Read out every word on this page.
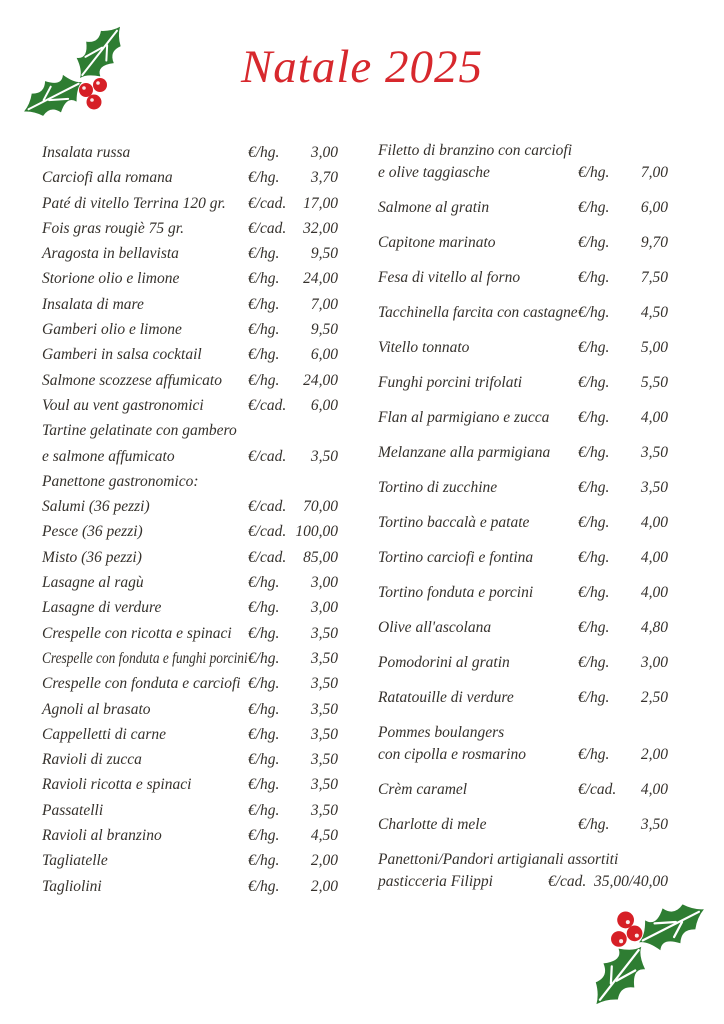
Natale 2025
Insalata russa	€/hg.	3,00
Carciofi alla romana	€/hg.	3,70
Paté di vitello Terrina 120 gr.	€/cad.	17,00
Fois gras rougiè 75 gr.	€/cad.	32,00
Aragosta in bellavista	€/hg.	9,50
Storione olio e limone	€/hg.	24,00
Insalata di mare	€/hg.	7,00
Gamberi olio e limone	€/hg.	9,50
Gamberi in salsa cocktail	€/hg.	6,00
Salmone scozzese affumicato	€/hg.	24,00
Voul au vent gastronomici	€/cad.	6,00
Tartine gelatinate con gambero
e salmone affumicato	€/cad.	3,50
Panettone gastronomico:
Salumi (36 pezzi)	€/cad.	70,00
Pesce (36 pezzi)	€/cad. 100,00
Misto (36 pezzi)	€/cad.	85,00
Lasagne al ragù	€/hg.	3,00
Lasagne di verdure	€/hg.	3,00
Crespelle con ricotta e spinaci	€/hg.	3,50
Crespelle con fonduta e funghi porcini €/hg.	3,50
Crespelle con fonduta e carciofi €/hg.	3,50
Agnoli al brasato	€/hg.	3,50
Cappelletti di carne	€/hg.	3,50
Ravioli di zucca	€/hg.	3,50
Ravioli ricotta e spinaci	€/hg.	3,50
Passatelli	€/hg.	3,50
Ravioli al branzino	€/hg.	4,50
Tagliatelle	€/hg.	2,00
Tagliolini	€/hg.	2,00
Filetto di branzino con carciofi
e olive taggiasche	€/hg.	7,00
Salmone al gratin	€/hg.	6,00
Capitone marinato	€/hg.	9,70
Fesa di vitello al forno	€/hg.	7,50
Tacchinella farcita con castagne €/hg.	4,50
Vitello tonnato	€/hg.	5,00
Funghi porcini trifolati	€/hg.	5,50
Flan al parmigiano e zucca	€/hg.	4,00
Melanzane alla parmigiana	€/hg.	3,50
Tortino di zucchine	€/hg.	3,50
Tortino baccalà e patate	€/hg.	4,00
Tortino carciofi e fontina	€/hg.	4,00
Tortino fonduta e porcini	€/hg.	4,00
Olive all'ascolana	€/hg.	4,80
Pomodorini al gratin	€/hg.	3,00
Ratatouille di verdure	€/hg.	2,50
Pommes boulangers
con cipolla e rosmarino	€/hg.	2,00
Crèm caramel	€/cad.	4,00
Charlotte di mele	€/hg.	3,50
Panettoni/Pandori artigianali assortiti
pasticceria Filippi	€/cad. 35,00/40,00
